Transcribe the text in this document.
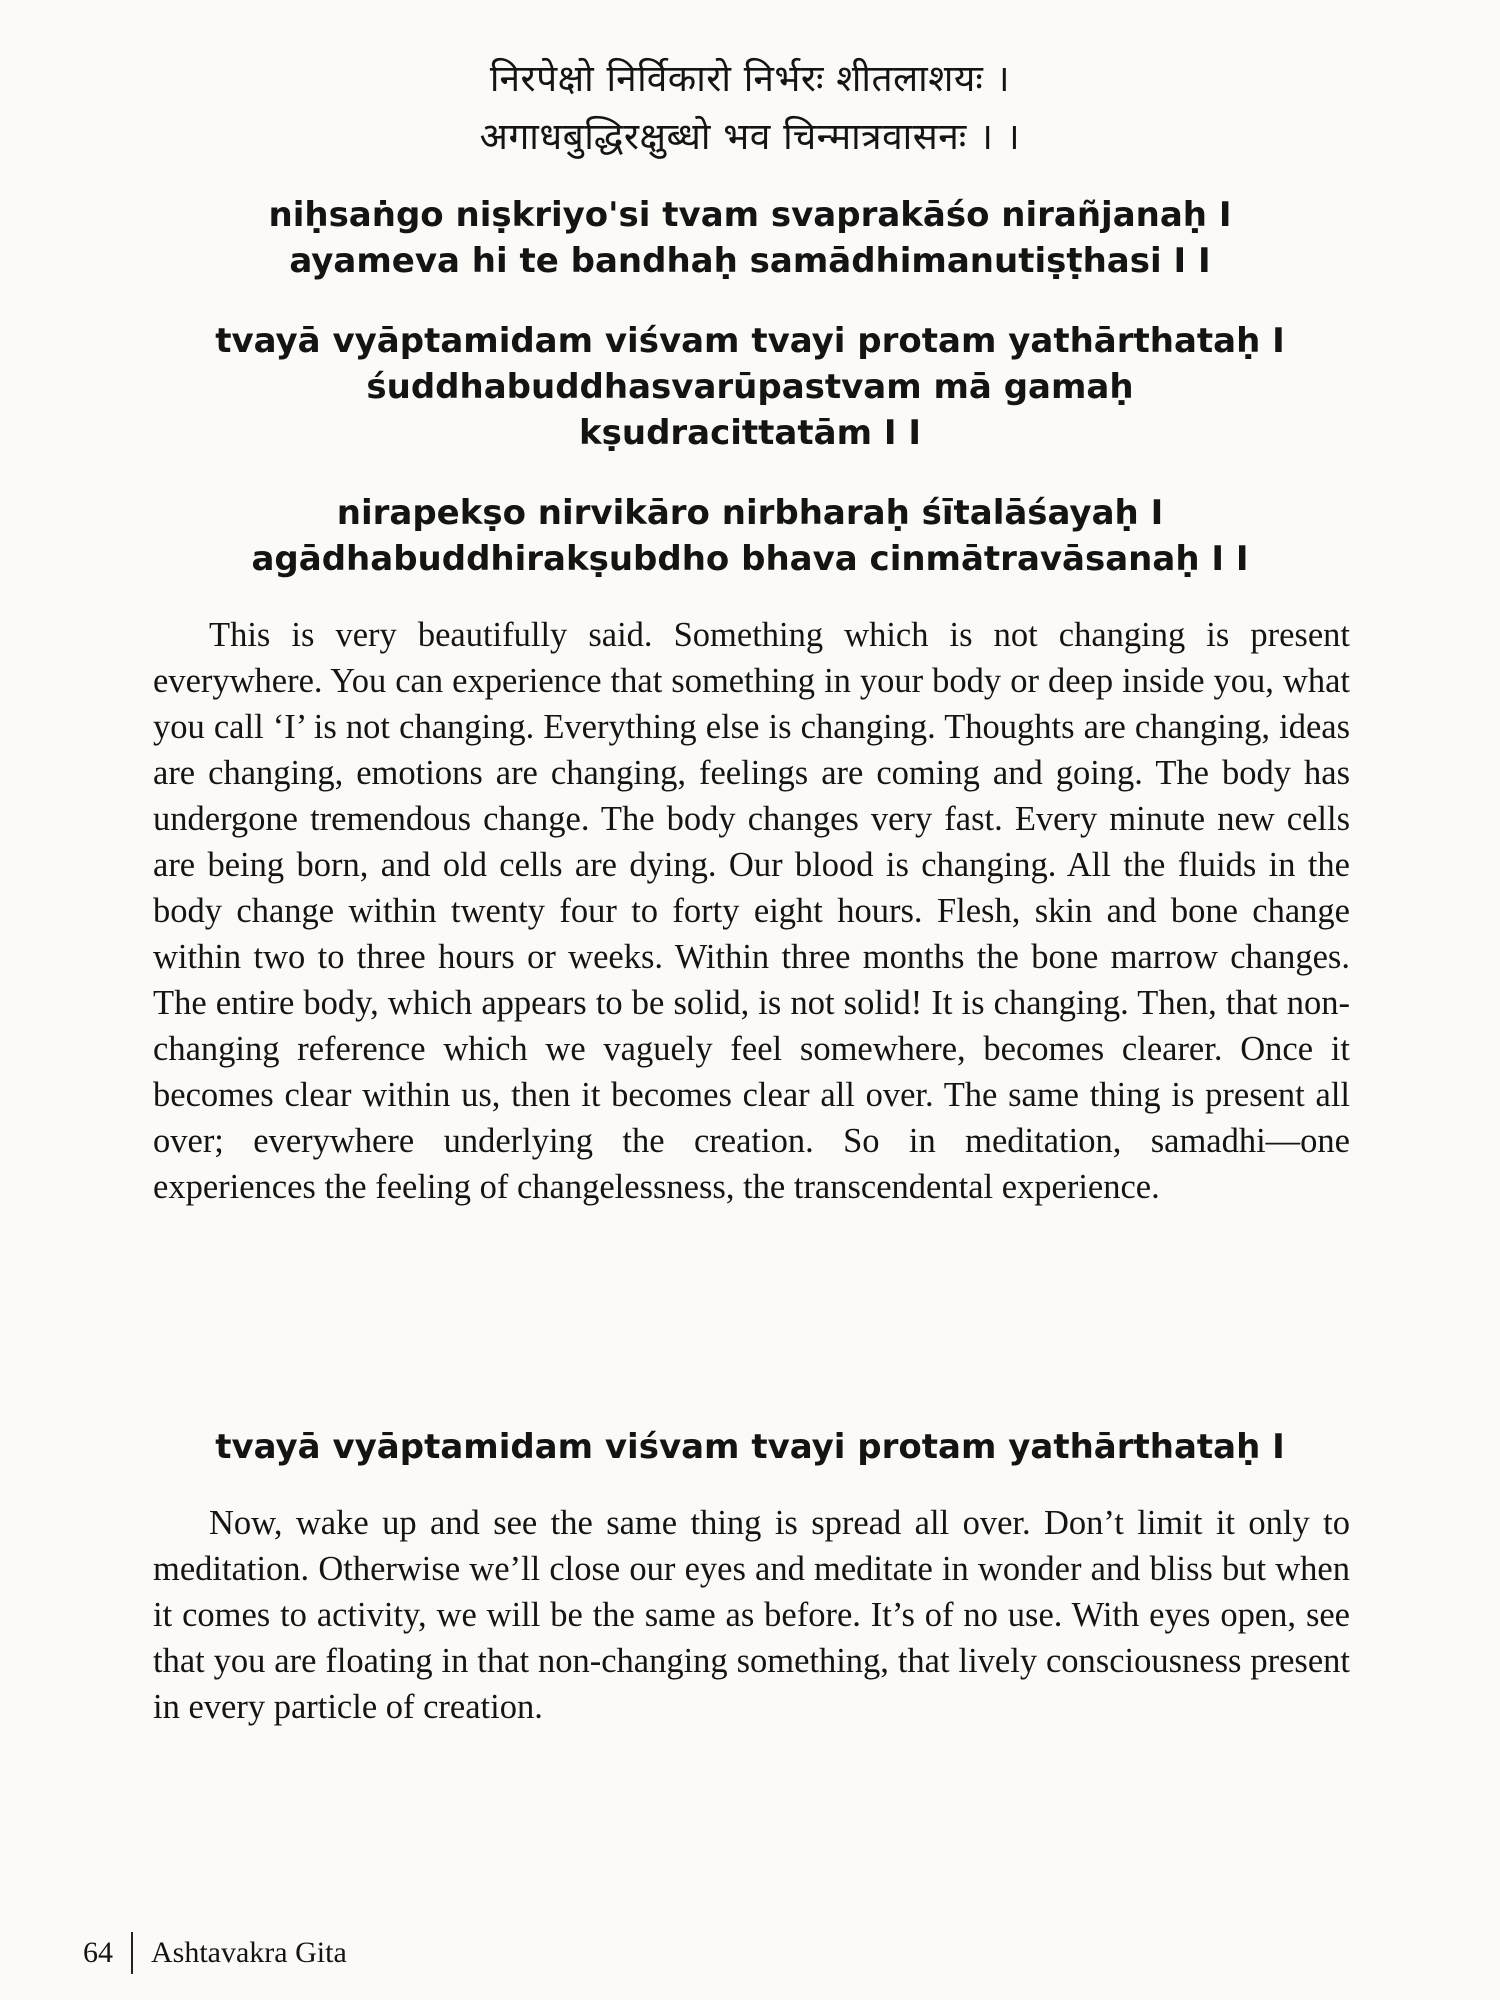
निरपेक्षो निर्विकारो निर्भरः शीतलाशयः ।
अगाधबुद्धिरक्षुब्धो भव चिन्मात्रवासनः । ।
niḥsaṅgo niṣkriyo'si tvam svaprakāśo nirañjanaḥ I
ayameva hi te bandhaḥ samādhimanutiṣṭhasi I I
tvayā vyāptamidam viśvam tvayi protam yathārthataḥ I
śuddhabuddhasvarūpastvam mā gamaḥ
kṣudracittatām I I
nirapekṣo nirvikāro nirbharaḥ śītalāśayaḥ I
agādhabuddhirakṣubdho bhava cinmātravāsanaḥ I I

This is very beautifully said. Something which is not changing is present everywhere. You can experience that something in your body or deep inside you, what you call ‘I’ is not changing. Everything else is changing. Thoughts are changing, ideas are changing, emotions are changing, feelings are coming and going. The body has undergone tremendous change. The body changes very fast. Every minute new cells are being born, and old cells are dying. Our blood is changing. All the fluids in the body change within twenty four to forty eight hours. Flesh, skin and bone change within two to three hours or weeks. Within three months the bone marrow changes. The entire body, which appears to be solid, is not solid! It is changing. Then, that non-changing reference which we vaguely feel somewhere, becomes clearer. Once it becomes clear within us, then it becomes clear all over. The same thing is present all over; everywhere underlying the creation. So in meditation, samadhi—one experiences the feeling of changelessness, the transcendental experience.

tvayā vyāptamidam viśvam tvayi protam yathārthataḥ I

Now, wake up and see the same thing is spread all over. Don’t limit it only to meditation. Otherwise we’ll close our eyes and meditate in wonder and bliss but when it comes to activity, we will be the same as before. It’s of no use. With eyes open, see that you are floating in that non-changing something, that lively consciousness present in every particle of creation.

64 Ashtavakra Gita
